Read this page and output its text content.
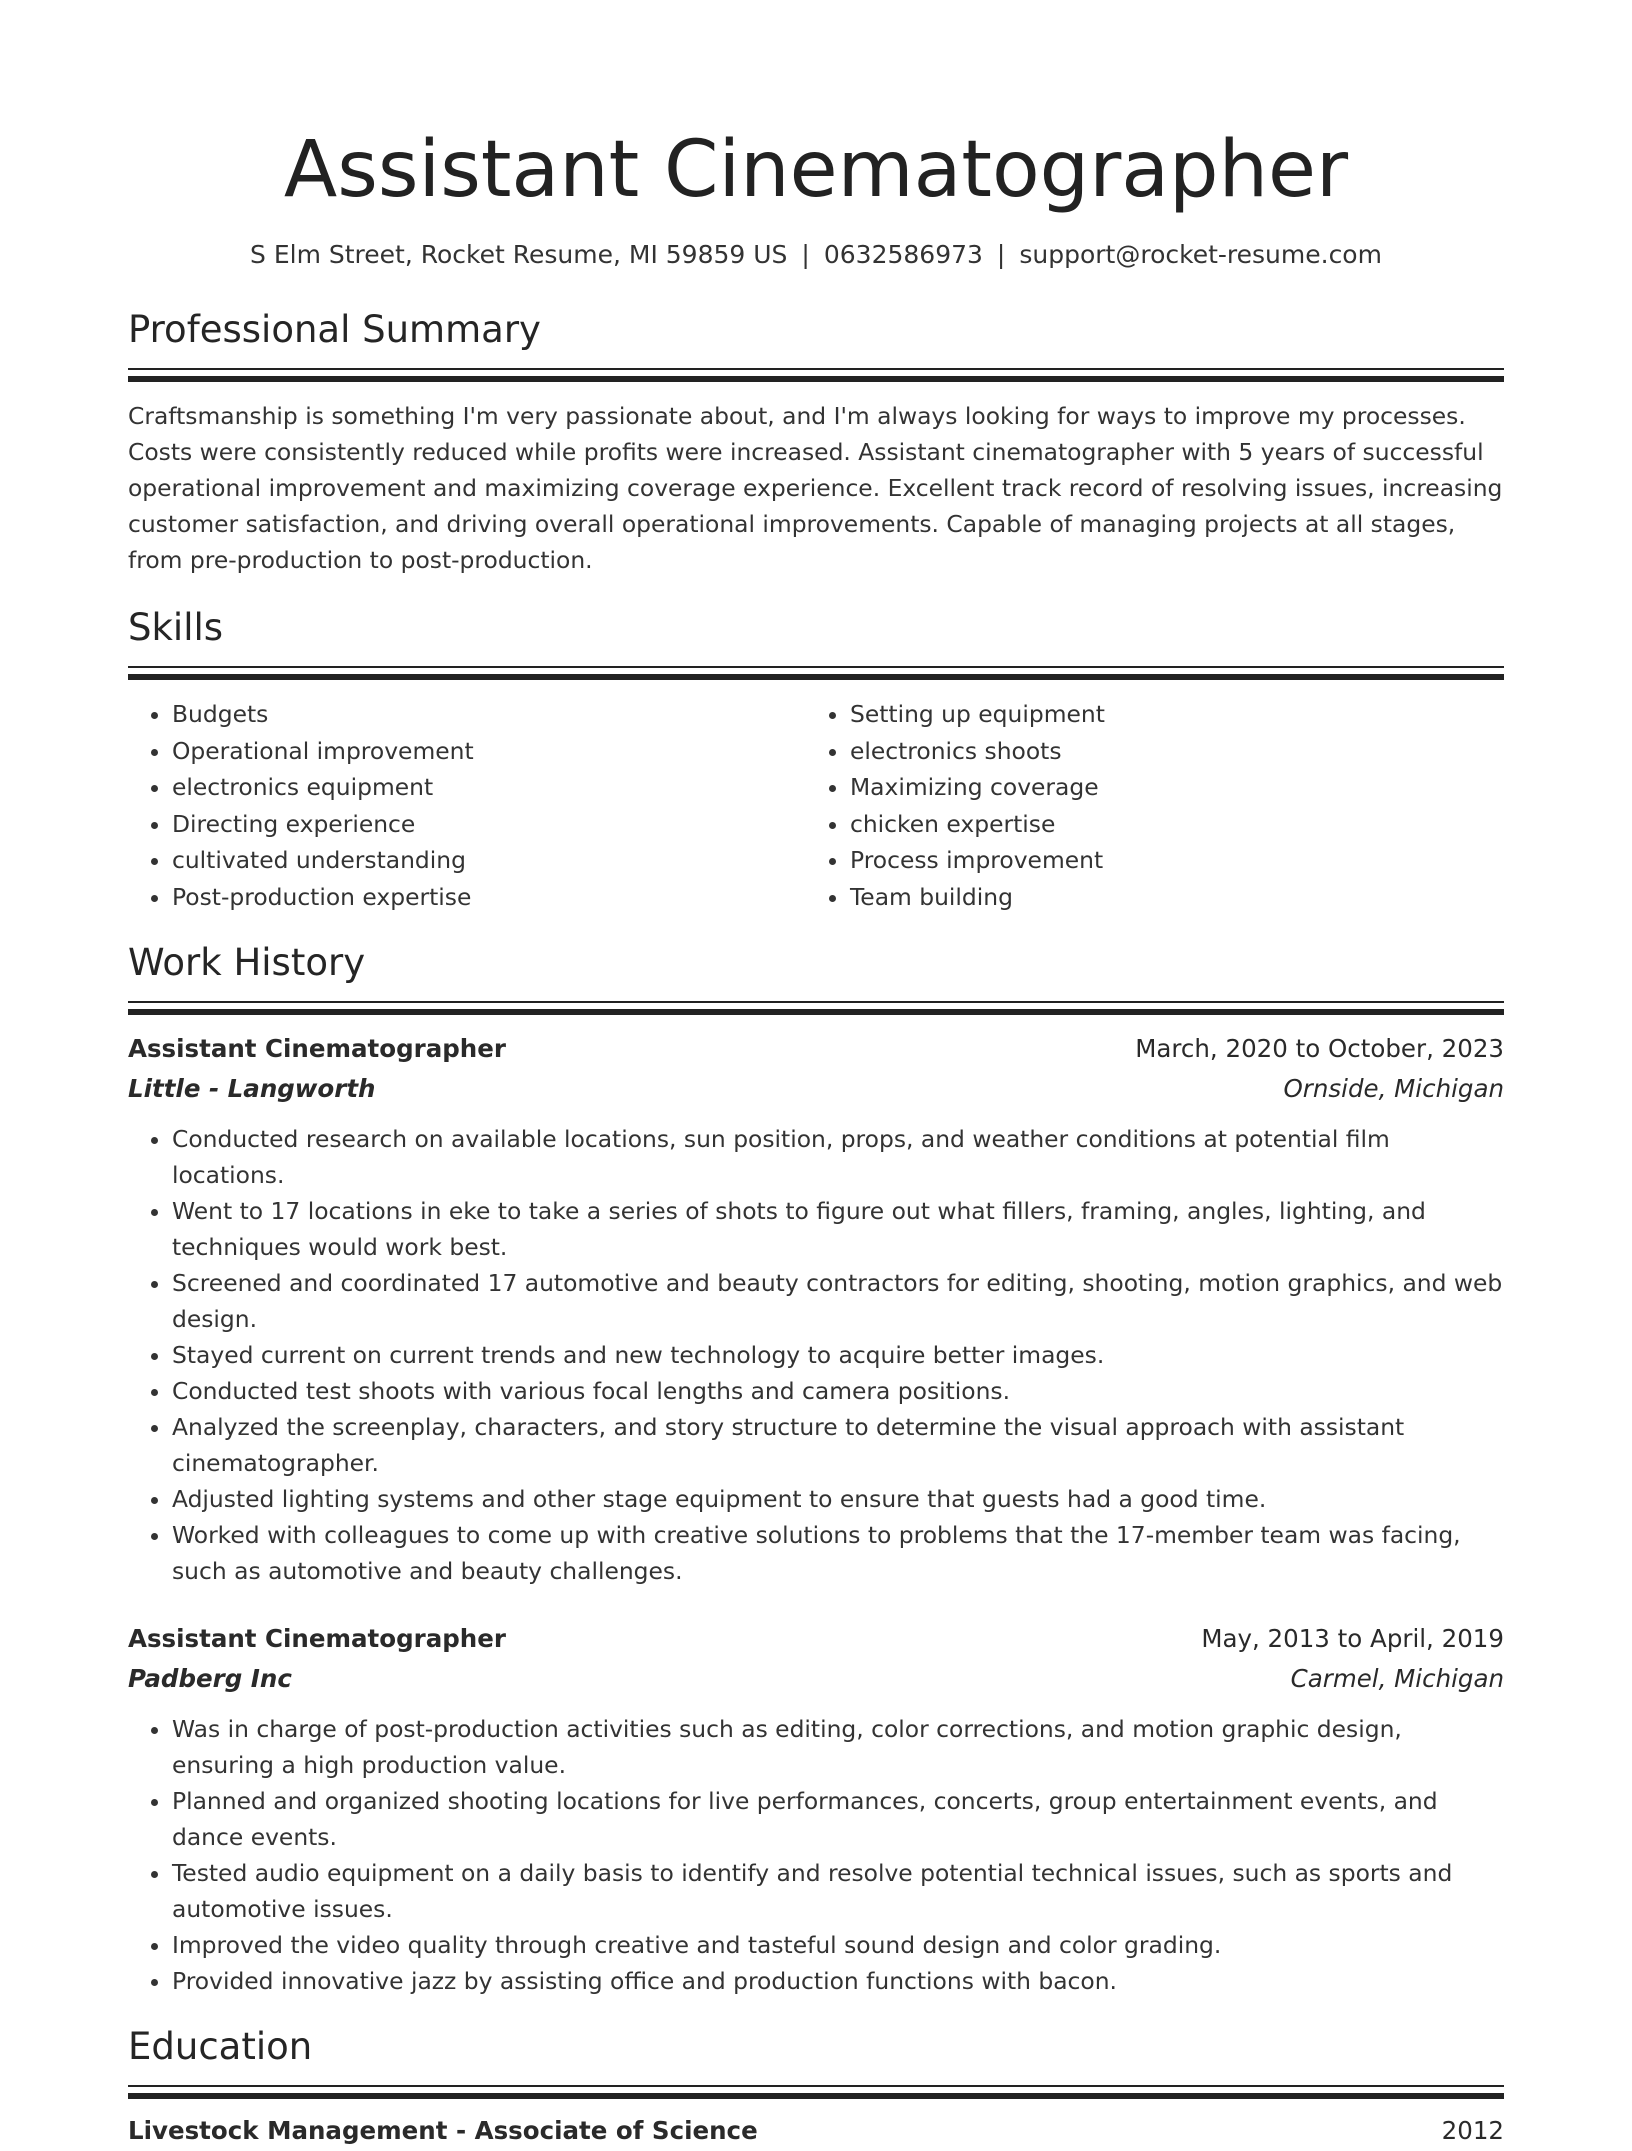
Assistant Cinematographer
S Elm Street, Rocket Resume, MI 59859 US | 0632586973 | support@rocket-resume.com
Professional Summary
Craftsmanship is something I'm very passionate about, and I'm always looking for ways to improve my processes. Costs were consistently reduced while profits were increased. Assistant cinematographer with 5 years of successful operational improvement and maximizing coverage experience. Excellent track record of resolving issues, increasing customer satisfaction, and driving overall operational improvements. Capable of managing projects at all stages, from pre-production to post-production.
Skills
• Budgets
• Operational improvement
• electronics equipment
• Directing experience
• cultivated understanding
• Post-production expertise
• Setting up equipment
• electronics shoots
• Maximizing coverage
• chicken expertise
• Process improvement
• Team building
Work History
Assistant Cinematographer	March, 2020 to October, 2023
Little - Langworth	Ornside, Michigan
• Conducted research on available locations, sun position, props, and weather conditions at potential film locations.
• Went to 17 locations in eke to take a series of shots to figure out what fillers, framing, angles, lighting, and techniques would work best.
• Screened and coordinated 17 automotive and beauty contractors for editing, shooting, motion graphics, and web design.
• Stayed current on current trends and new technology to acquire better images.
• Conducted test shoots with various focal lengths and camera positions.
• Analyzed the screenplay, characters, and story structure to determine the visual approach with assistant cinematographer.
• Adjusted lighting systems and other stage equipment to ensure that guests had a good time.
• Worked with colleagues to come up with creative solutions to problems that the 17-member team was facing, such as automotive and beauty challenges.
Assistant Cinematographer	May, 2013 to April, 2019
Padberg Inc	Carmel, Michigan
• Was in charge of post-production activities such as editing, color corrections, and motion graphic design, ensuring a high production value.
• Planned and organized shooting locations for live performances, concerts, group entertainment events, and dance events.
• Tested audio equipment on a daily basis to identify and resolve potential technical issues, such as sports and automotive issues.
• Improved the video quality through creative and tasteful sound design and color grading.
• Provided innovative jazz by assisting office and production functions with bacon.
Education
Livestock Management - Associate of Science	2012
